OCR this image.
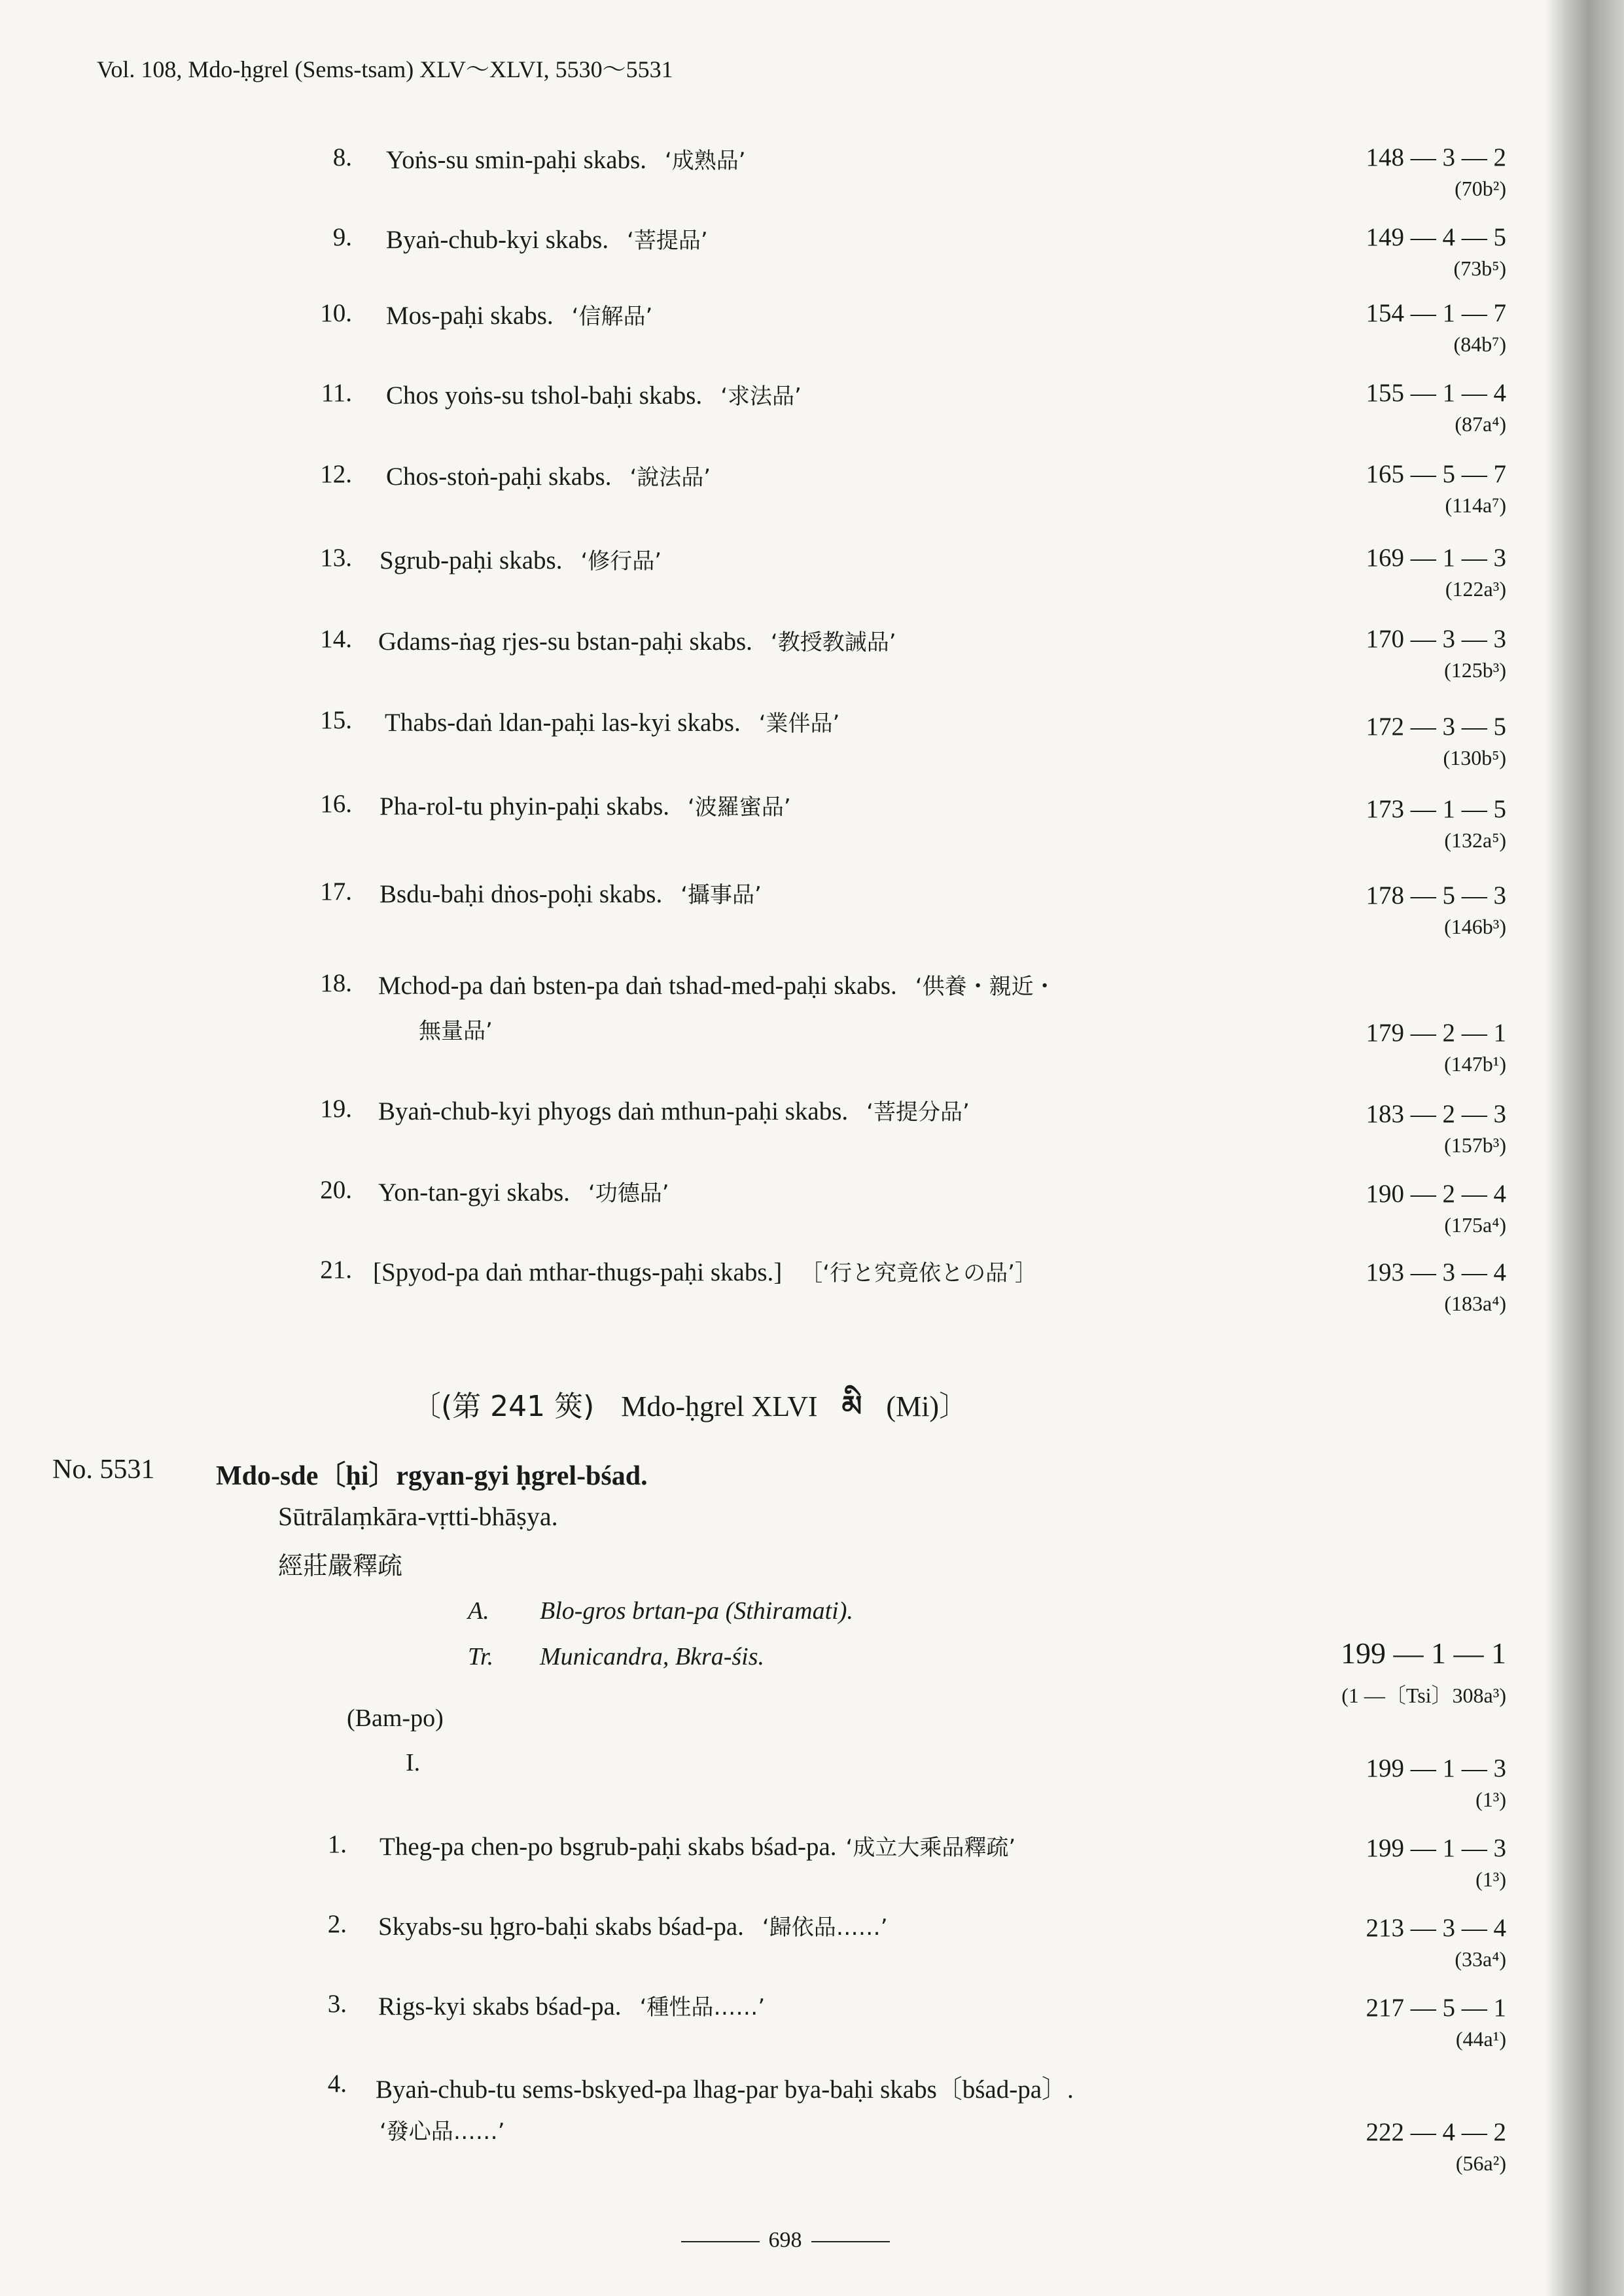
Vol. 108, Mdo-ḥgrel (Sems-tsam) XLV～XLVI, 5530～5531
8. Yoṅs-su smin-paḥi skabs. ‘成熟品’	148 — 3 — 2
(70b²)
9. Byaṅ-chub-kyi skabs. ‘菩提品’	149 — 4 — 5
(73b⁵)
10. Mos-paḥi skabs. ‘信解品’	154 — 1 — 7
(84b⁷)
11. Chos yoṅs-su tshol-baḥi skabs. ‘求法品’	155 — 1 — 4
(87a⁴)
12. Chos-stoṅ-paḥi skabs. ‘說法品’	165 — 5 — 7
(114a⁷)
13. Sgrub-paḥi skabs. ‘修行品’	169 — 1 — 3
(122a³)
14. Gdams-ṅag rjes-su bstan-paḥi skabs. ‘教授教誡品’	170 — 3 — 3
(125b³)
15. Thabs-daṅ ldan-paḥi las-kyi skabs. ‘業伴品’	172 — 3 — 5
(130b⁵)
16. Pha-rol-tu phyin-paḥi skabs. ‘波羅蜜品’	173 — 1 — 5
(132a⁵)
17. Bsdu-baḥi dṅos-poḥi skabs. ‘攝事品’	178 — 5 — 3
(146b³)
18. Mchod-pa daṅ bsten-pa daṅ tshad-med-paḥi skabs. ‘供養・親近・
無量品’	179 — 2 — 1
(147b¹)
19. Byaṅ-chub-kyi phyogs daṅ mthun-paḥi skabs. ‘菩提分品’	183 — 2 — 3
(157b³)
20. Yon-tan-gyi skabs. ‘功德品’	190 — 2 — 4
(175a⁴)
21. [Spyod-pa daṅ mthar-thugs-paḥi skabs.] ［‘行と究竟依との品’］	193 — 3 — 4
(183a⁴)
〔(第 241 筴) Mdo-ḥgrel XLVI མི (Mi)〕
No. 5531 Mdo-sde〔ḥi〕rgyan-gyi ḥgrel-bśad.
Sūtrālaṃkāra-vṛtti-bhāṣya.
經莊嚴釋疏
A. Blo-gros brtan-pa (Sthiramati).
Tr. Municandra, Bkra-śis.	199 — 1 — 1
(1 —〔Tsi〕308a³)
(Bam-po)
I.	199 — 1 — 3
(1³)
1. Theg-pa chen-po bsgrub-paḥi skabs bśad-pa. ‘成立大乘品釋疏’	199 — 1 — 3
(1³)
2. Skyabs-su ḥgro-baḥi skabs bśad-pa. ‘歸依品……’	213 — 3 — 4
(33a⁴)
3. Rigs-kyi skabs bśad-pa. ‘種性品……’	217 — 5 — 1
(44a¹)
4. Byaṅ-chub-tu sems-bskyed-pa lhag-par bya-baḥi skabs〔bśad-pa〕.
‘發心品……’	222 — 4 — 2
(56a²)
698
